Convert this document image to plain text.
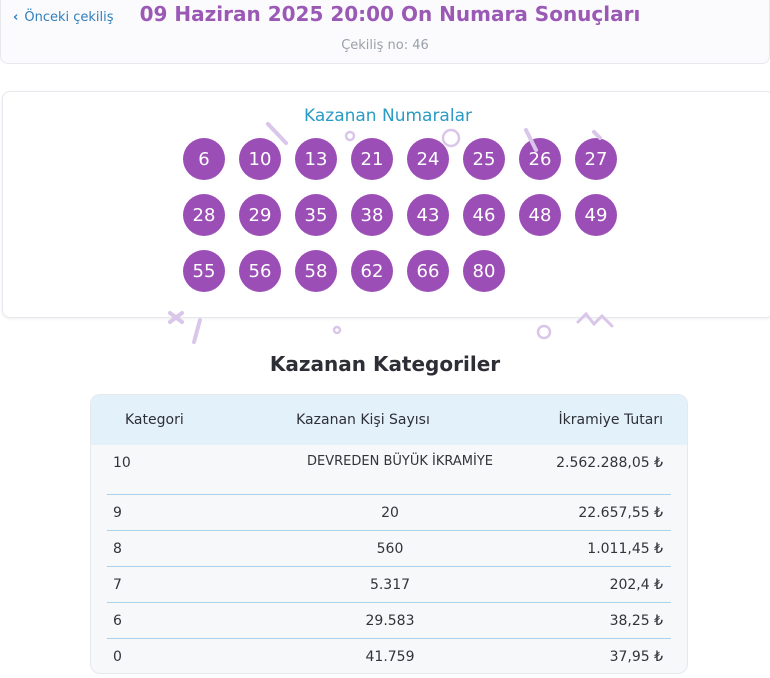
‹ Önceki çekiliş	09 Haziran 2025 20:00 On Numara Sonuçları
Çekiliş no: 46
Kazanan Numaralar
6	10	13	21	24	25	26	27
28	29	35	38	43	46	48	49
55	56	58	62	66	80
Kazanan Kategoriler
Kategori	Kazanan Kişi Sayısı	İkramiye Tutarı
10	DEVREDEN BÜYÜK İKRAMİYE	2.562.288,05 ₺
9	20	22.657,55 ₺
8	560	1.011,45 ₺
7	5.317	202,4 ₺
6	29.583	38,25 ₺
0	41.759	37,95 ₺
